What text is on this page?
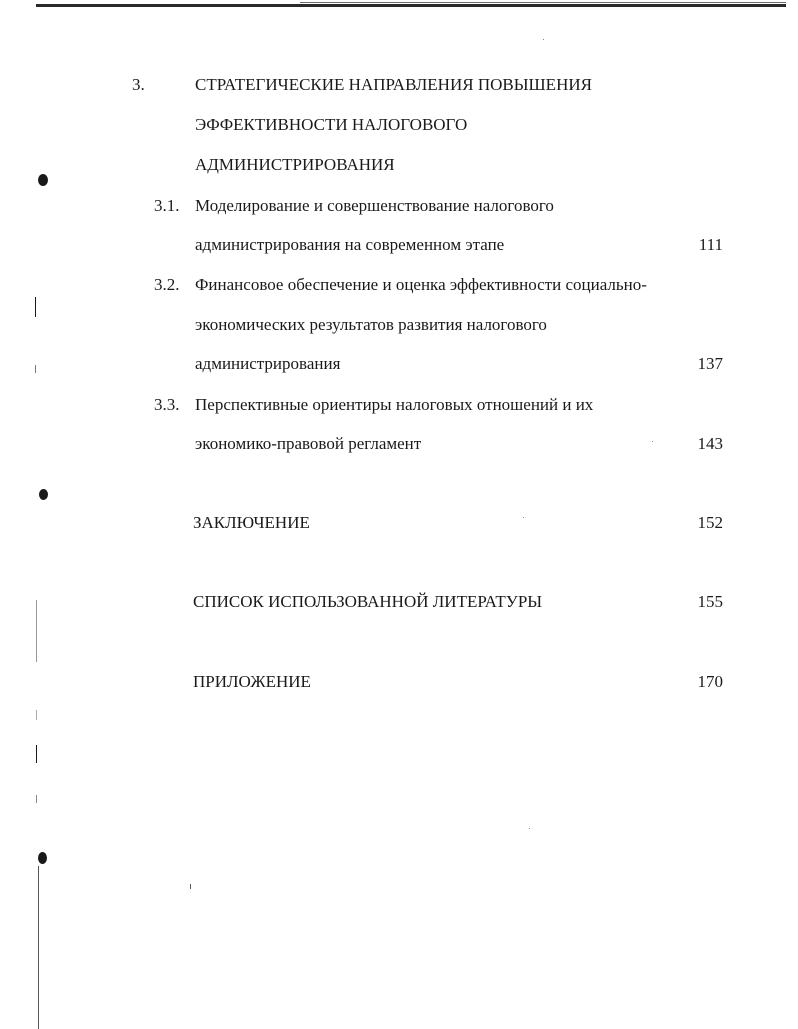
3.	СТРАТЕГИЧЕСКИЕ НАПРАВЛЕНИЯ ПОВЫШЕНИЯ
ЭФФЕКТИВНОСТИ НАЛОГОВОГО
АДМИНИСТРИРОВАНИЯ
3.1. Моделирование и совершенствование налогового
администрирования на современном этапе	111
3.2. Финансовое обеспечение и оценка эффективности социально-
экономических результатов развития налогового
администрирования	137
3.3. Перспективные ориентиры налоговых отношений и их
экономико-правовой регламент	143
ЗАКЛЮЧЕНИЕ	152
СПИСОК ИСПОЛЬЗОВАННОЙ ЛИТЕРАТУРЫ	155
ПРИЛОЖЕНИЕ	170
